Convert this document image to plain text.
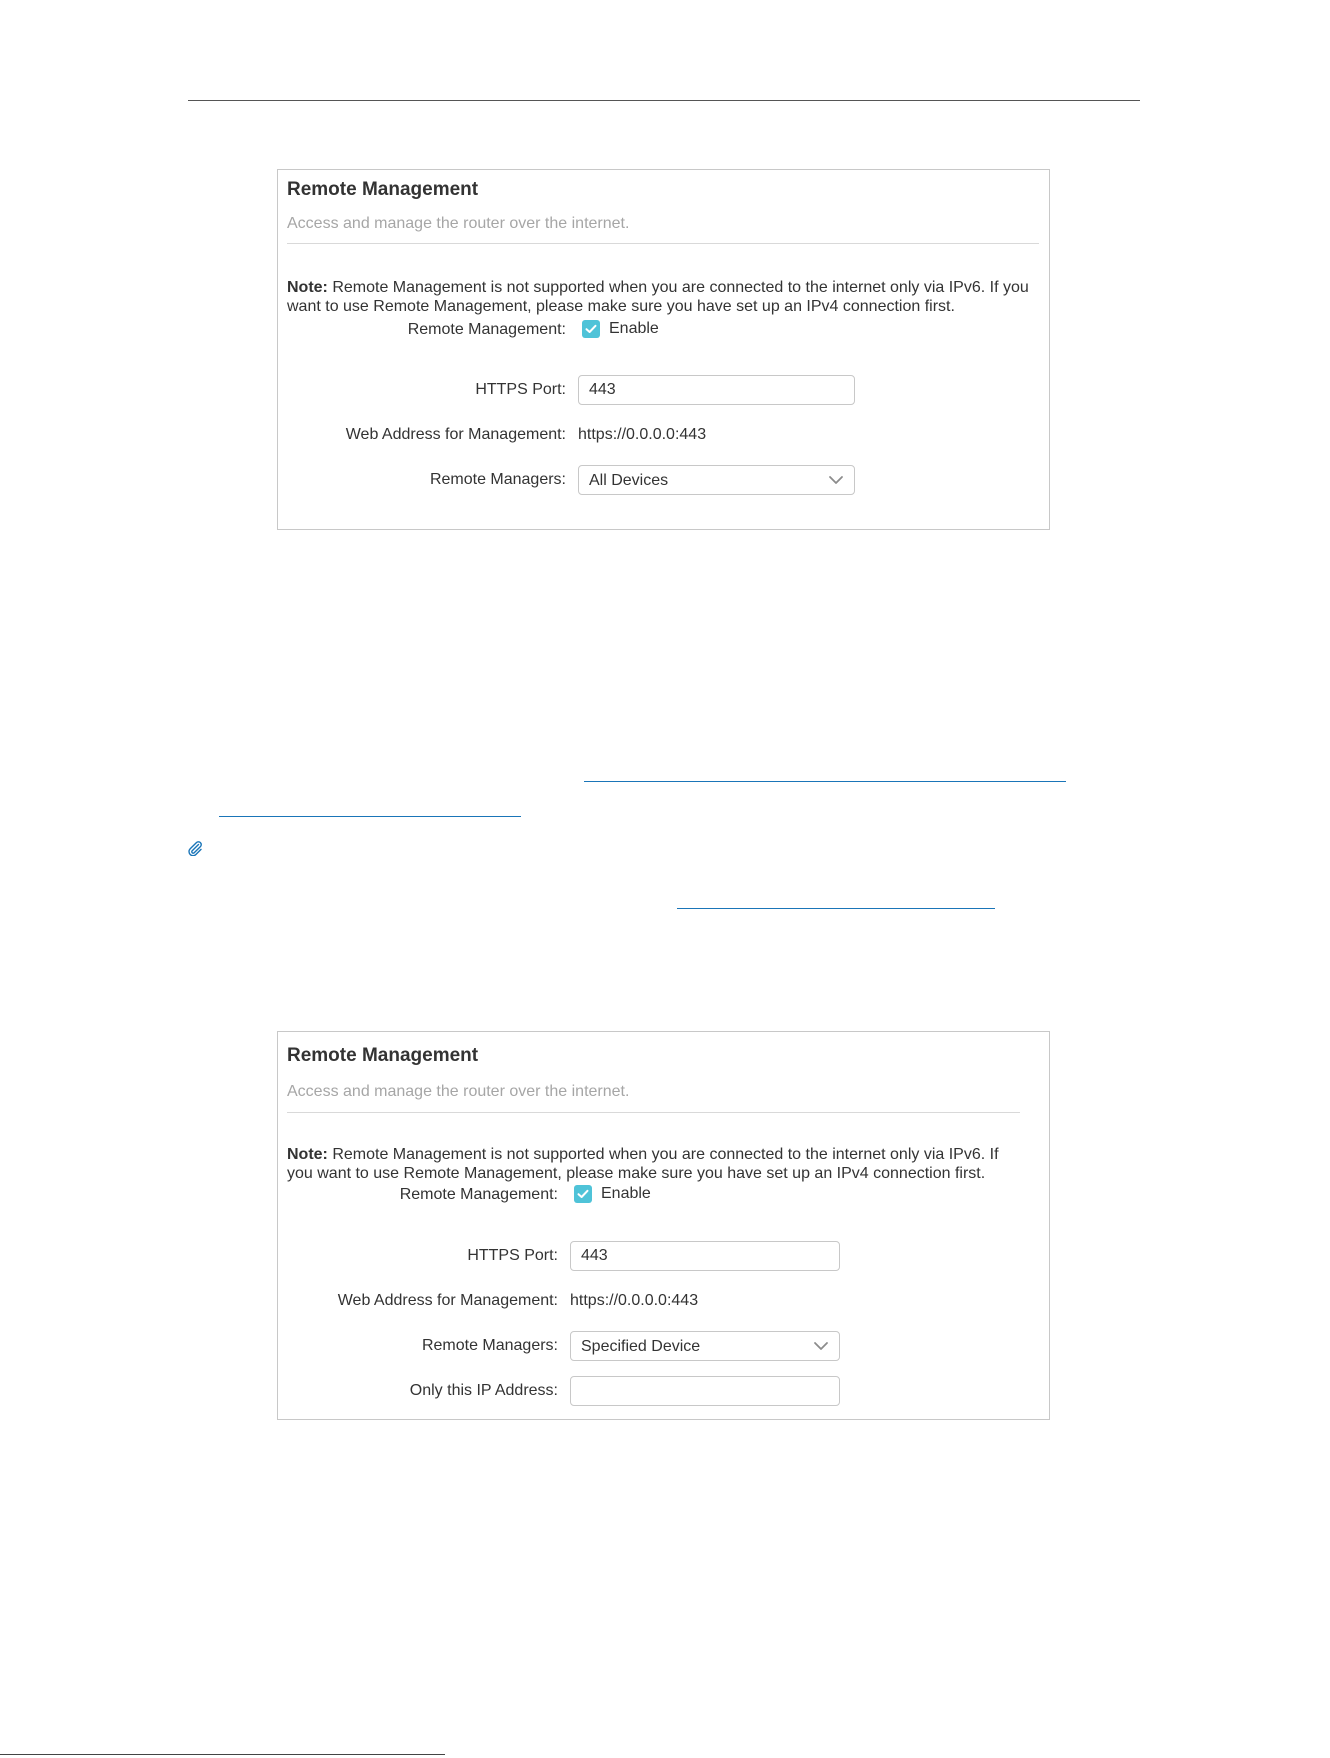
Remote Management
Access and manage the router over the internet.
Note: Remote Management is not supported when you are connected to the internet only via IPv6. If you want to use Remote Management, please make sure you have set up an IPv4 connection first.
Remote Management:	Enable
HTTPS Port:
443
Web Address for Management: https://0.0.0.0:443
Remote Managers: All Devices
Remote Management
Access and manage the router over the internet.
Note: Remote Management is not supported when you are connected to the internet only via IPv6. If you want to use Remote Management, please make sure you have set up an IPv4 connection first.
Remote Management:	Enable
HTTPS Port:
443
Web Address for Management: https://0.0.0.0:443
Remote Managers: Specified Device
Only this IP Address:
